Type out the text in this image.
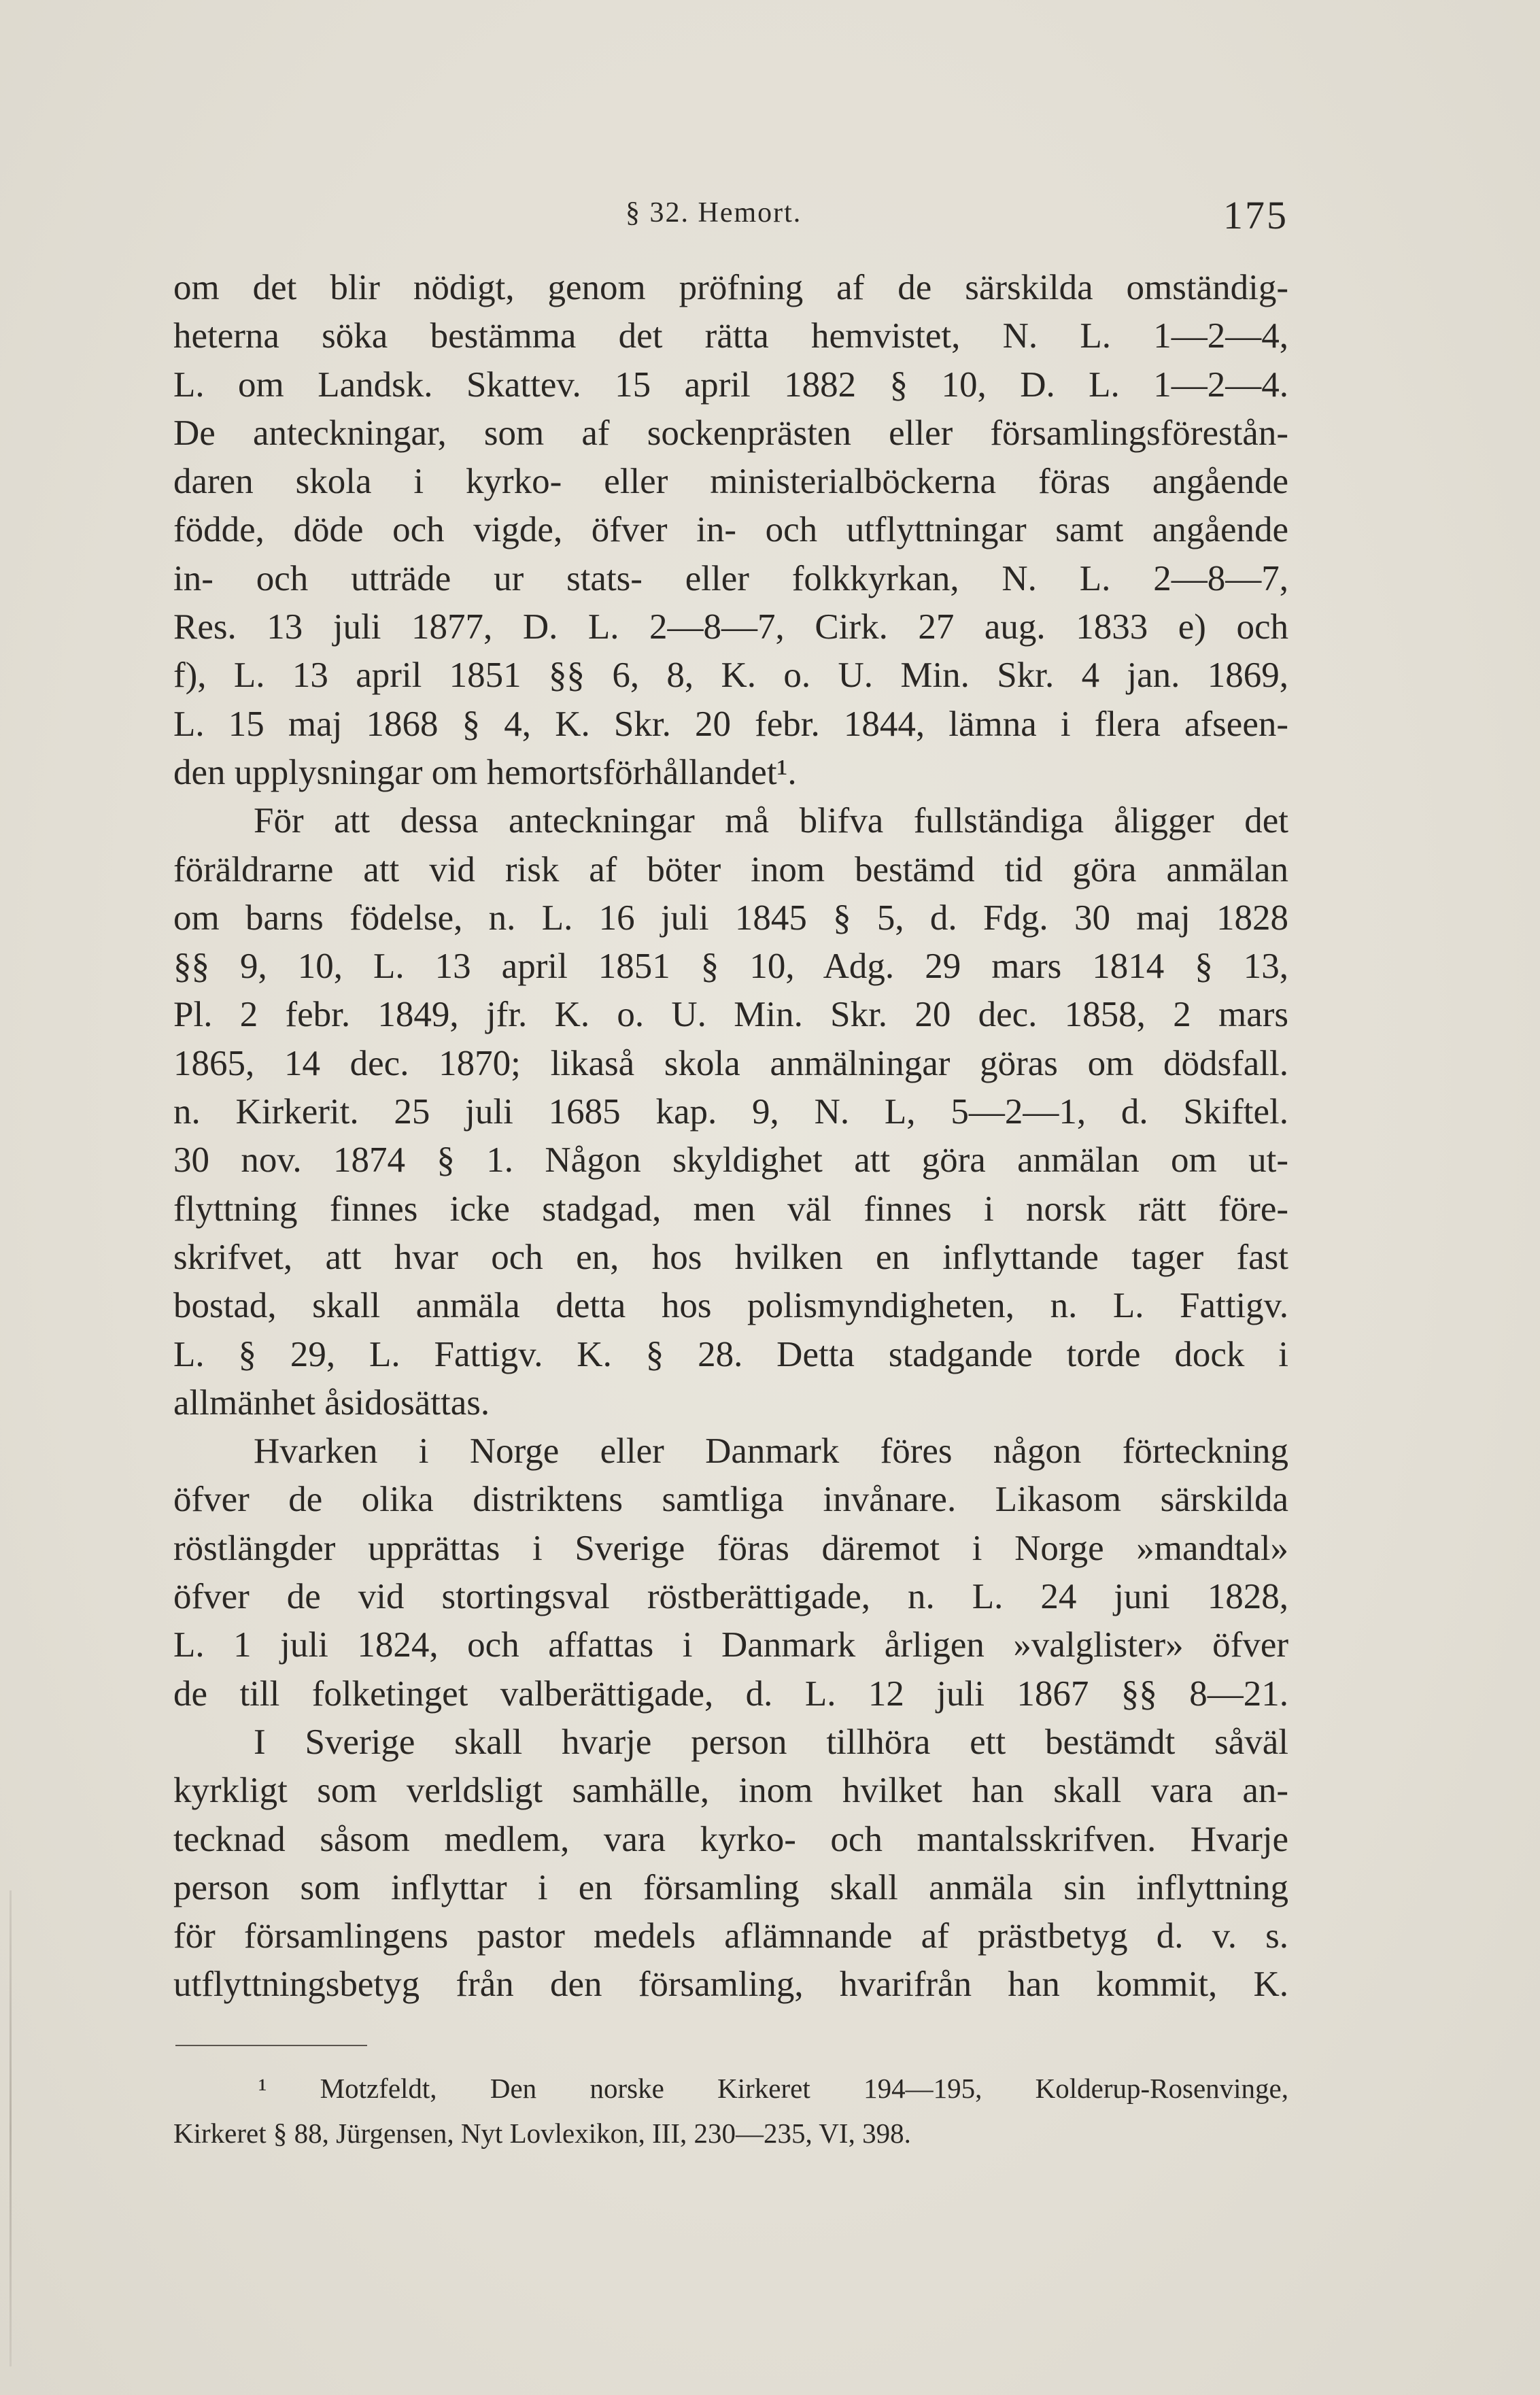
§ 32. Hemort.	175

om det blir nödigt, genom pröfning af de särskilda omständig-
heterna söka bestämma det rätta hemvistet, N. L. 1—2—4,
L. om Landsk. Skattev. 15 april 1882 § 10, D. L. 1—2—4.
De anteckningar, som af sockenprästen eller församlingsförestån-
daren skola i kyrko- eller ministerialböckerna föras angående
födde, döde och vigde, öfver in- och utflyttningar samt angående
in- och utträde ur stats- eller folkkyrkan, N. L. 2—8—7,
Res. 13 juli 1877, D. L. 2—8—7, Cirk. 27 aug. 1833 e) och
f), L. 13 april 1851 §§ 6, 8, K. o. U. Min. Skr. 4 jan. 1869,
L. 15 maj 1868 § 4, K. Skr. 20 febr. 1844, lämna i flera afseen-
den upplysningar om hemortsförhållandet¹.

För att dessa anteckningar må blifva fullständiga åligger det
föräldrarne att vid risk af böter inom bestämd tid göra anmälan
om barns födelse, n. L. 16 juli 1845 § 5, d. Fdg. 30 maj 1828
§§ 9, 10, L. 13 april 1851 § 10, Adg. 29 mars 1814 § 13,
Pl. 2 febr. 1849, jfr. K. o. U. Min. Skr. 20 dec. 1858, 2 mars
1865, 14 dec. 1870; likaså skola anmälningar göras om dödsfall.
n. Kirkerit. 25 juli 1685 kap. 9, N. L, 5—2—1, d. Skiftel.
30 nov. 1874 § 1. Någon skyldighet att göra anmälan om ut-
flyttning finnes icke stadgad, men väl finnes i norsk rätt före-
skrifvet, att hvar och en, hos hvilken en inflyttande tager fast
bostad, skall anmäla detta hos polismyndigheten, n. L. Fattigv.
L. § 29, L. Fattigv. K. § 28. Detta stadgande torde dock i
allmänhet åsidosättas.

Hvarken i Norge eller Danmark föres någon förteckning
öfver de olika distriktens samtliga invånare. Likasom särskilda
röstlängder upprättas i Sverige föras däremot i Norge »mandtal»
öfver de vid stortingsval röstberättigade, n. L. 24 juni 1828,
L. 1 juli 1824, och affattas i Danmark årligen »valglister» öfver
de till folketinget valberättigade, d. L. 12 juli 1867 §§ 8—21.

I Sverige skall hvarje person tillhöra ett bestämdt såväl
kyrkligt som verldsligt samhälle, inom hvilket han skall vara an-
tecknad såsom medlem, vara kyrko- och mantalsskrifven. Hvarje
person som inflyttar i en församling skall anmäla sin inflyttning
för församlingens pastor medels aflämnande af prästbetyg d. v. s.
utflyttningsbetyg från den församling, hvarifrån han kommit, K.

¹ Motzfeldt, Den norske Kirkeret 194—195, Kolderup-Rosenvinge,
Kirkeret § 88, Jürgensen, Nyt Lovlexikon, III, 230—235, VI, 398.
